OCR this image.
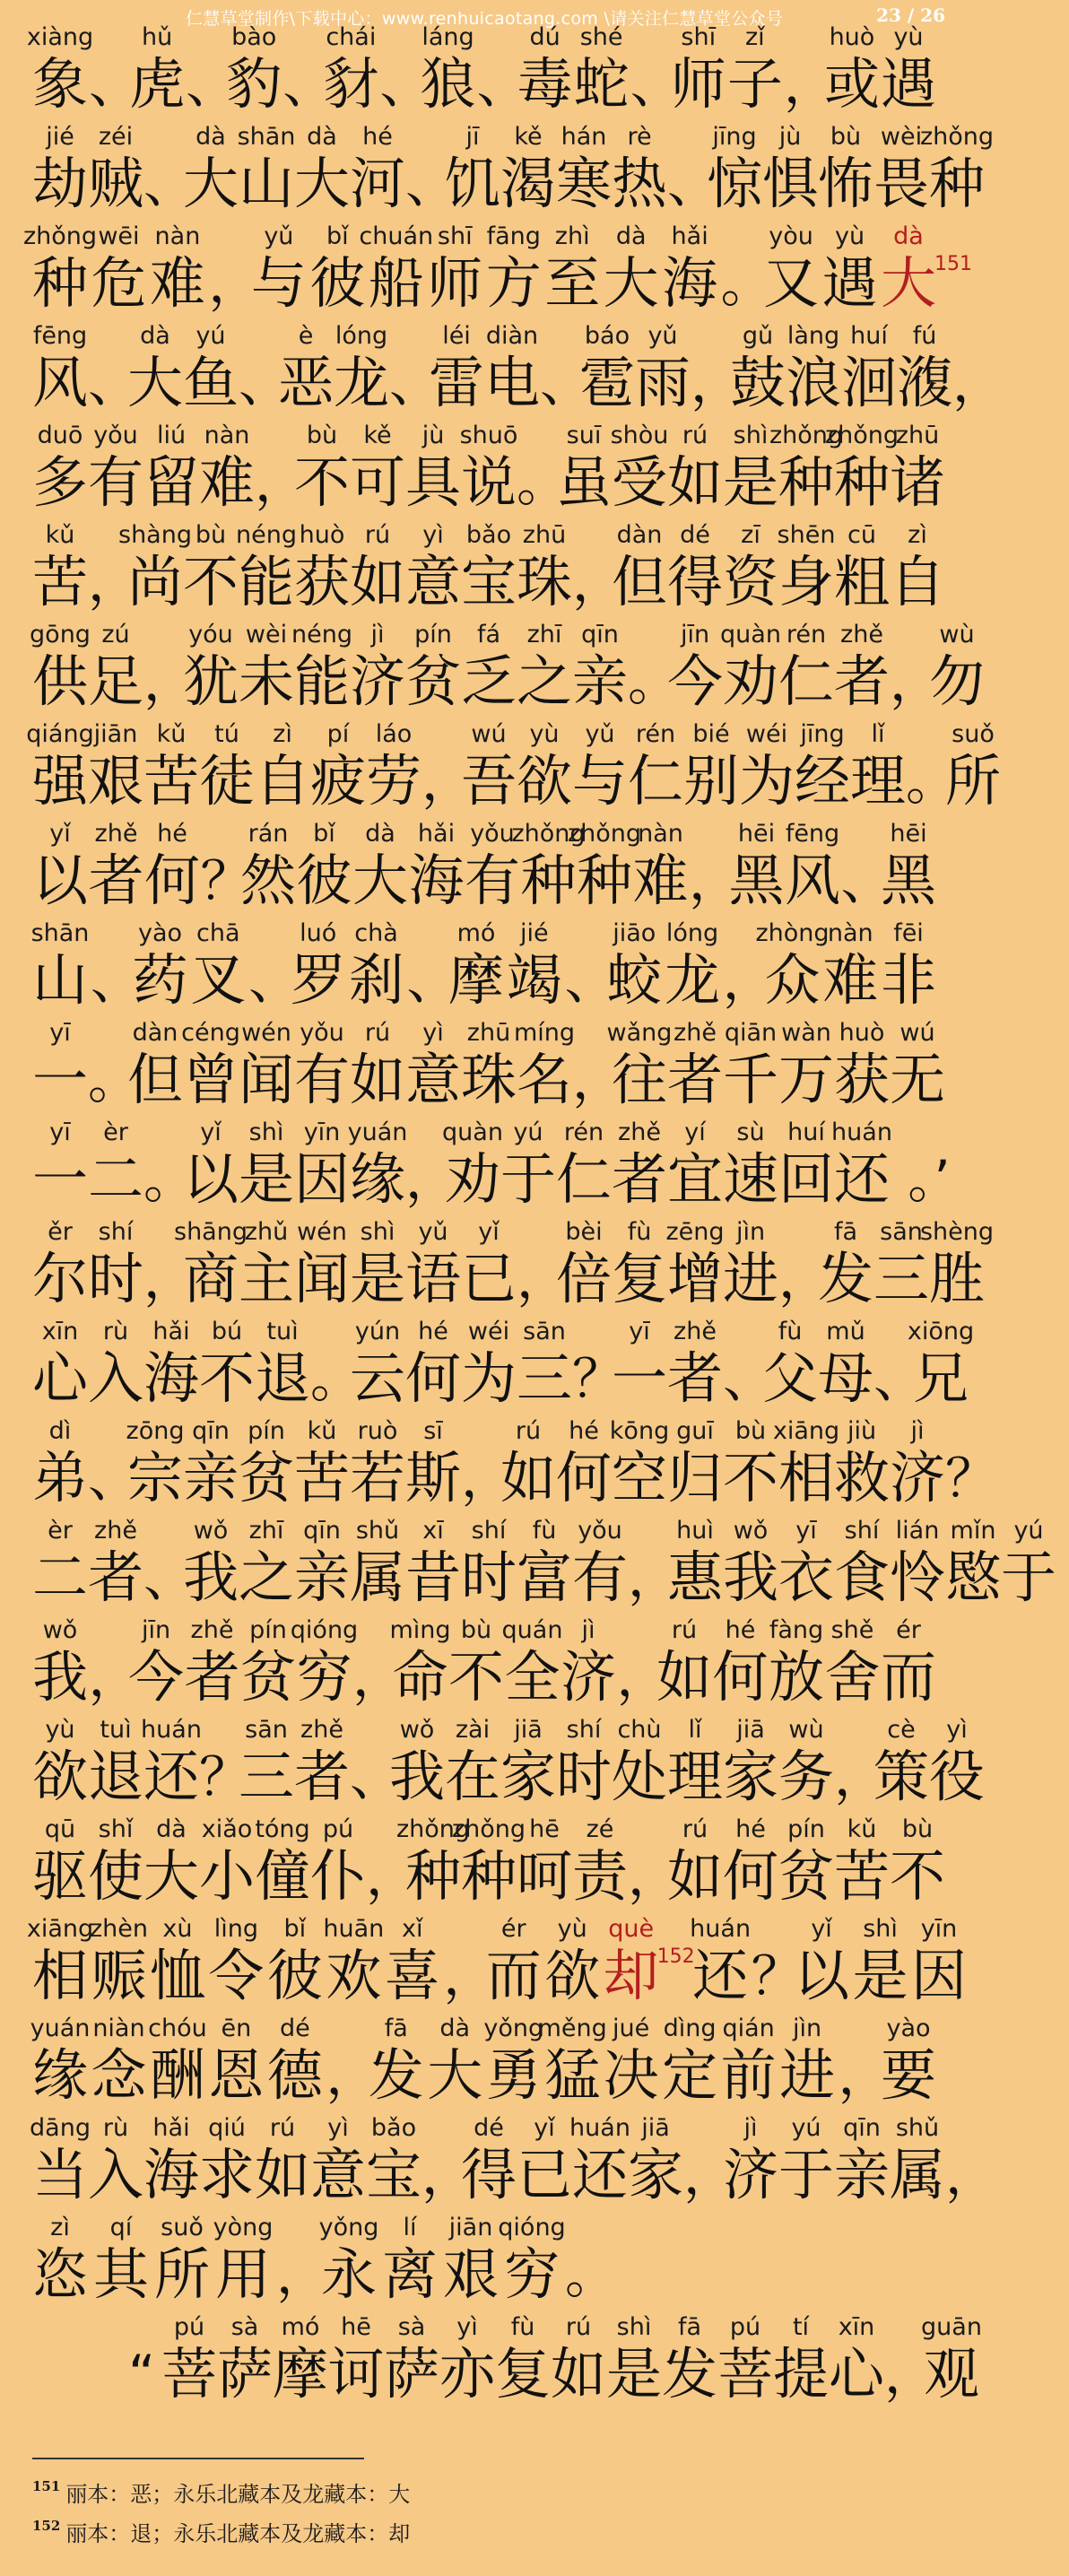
仁慧草堂制作\下载中心：www.renhuicaotang.com \请关注仁慧草堂公众号	23 / 26
象
xiàng
、
虎
hǔ
、
豹
bào
、
豺
chái
、
狼
láng
、
毒
dú
蛇
shé
、
师
shī
子
zǐ
，
或
huò
遇
yù
劫
jié
贼
zéi
、
大
dà
山
shān
大
dà
河
hé
、
饥
jī
渴
kě
寒
hán
热
rè
、
惊
jīng
惧
jù
怖
bù
畏
wèi
种
zhǒng
种
zhǒng
危
wēi
难
nàn
，
与
yǔ
彼
bǐ
船
chuán
师
shī
方
fāng
至
zhì
大
dà
海
hǎi
。
又
yòu
遇
yù
大
dà
151
风
fēng
、
大
dà
鱼
yú
、
恶
è
龙
lóng
、
雷
léi
电
diàn
、
雹
báo
雨
yǔ
，
鼓
gǔ
浪
làng
洄
huí
澓
fú
，
多
duō
有
yǒu
留
liú
难
nàn
，
不
bù
可
kě
具
jù
说
shuō
。
虽
suī
受
shòu
如
rú
是
shì
种
zhǒng
种
zhǒng
诸
zhū
苦
kǔ
，
尚
shàng
不
bù
能
néng
获
huò
如
rú
意
yì
宝
bǎo
珠
zhū
，
但
dàn
得
dé
资
zī
身
shēn
粗
cū
自
zì
供
gōng
足
zú
，
犹
yóu
未
wèi
能
néng
济
jì
贫
pín
乏
fá
之
zhī
亲
qīn
。
今
jīn
劝
quàn
仁
rén
者
zhě
，
勿
wù
强
qiáng
艰
jiān
苦
kǔ
徒
tú
自
zì
疲
pí
劳
láo
，
吾
wú
欲
yù
与
yǔ
仁
rén
别
bié
为
wéi
经
jīng
理
lǐ
。
所
suǒ
以
yǐ
者
zhě
何
hé
？
然
rán
彼
bǐ
大
dà
海
hǎi
有
yǒu
种
zhǒng
种
zhǒng
难
nàn
，
黑
hēi
风
fēng
、
黑
hēi
山
shān
、
药
yào
叉
chā
、
罗
luó
刹
chà
、
摩
mó
竭
jié
、
蛟
jiāo
龙
lóng
，
众
zhòng
难
nàn
非
fēi
一
yī
。
但
dàn
曾
céng
闻
wén
有
yǒu
如
rú
意
yì
珠
zhū
名
míng
，
往
wǎng
者
zhě
千
qiān
万
wàn
获
huò
无
wú
一
yī
二
èr
。
以
yǐ
是
shì
因
yīn
缘
yuán
，
劝
quàn
于
yú
仁
rén
者
zhě
宜
yí
速
sù
回
huí
还
huán
。’
尔
ěr
时
shí
，
商
shāng
主
zhǔ
闻
wén
是
shì
语
yǔ
已
yǐ
，
倍
bèi
复
fù
增
zēng
进
jìn
，
发
fā
三
sān
胜
shèng
心
xīn
入
rù
海
hǎi
不
bú
退
tuì
。
云
yún
何
hé
为
wéi
三
sān
？
一
yī
者
zhě
、
父
fù
母
mǔ
、
兄
xiōng
弟
dì
、
宗
zōng
亲
qīn
贫
pín
苦
kǔ
若
ruò
斯
sī
，
如
rú
何
hé
空
kōng
归
guī
不
bù
相
xiāng
救
jiù
济
jì
？
二
èr
者
zhě
、
我
wǒ
之
zhī
亲
qīn
属
shǔ
昔
xī
时
shí
富
fù
有
yǒu
，
惠
huì
我
wǒ
衣
yī
食
shí
怜
lián
愍
mǐn
于
yú
我
wǒ
，
今
jīn
者
zhě
贫
pín
穷
qióng
，
命
mìng
不
bù
全
quán
济
jì
，
如
rú
何
hé
放
fàng
舍
shě
而
ér
欲
yù
退
tuì
还
huán
？
三
sān
者
zhě
、
我
wǒ
在
zài
家
jiā
时
shí
处
chù
理
lǐ
家
jiā
务
wù
，
策
cè
役
yì
驱
qū
使
shǐ
大
dà
小
xiǎo
僮
tóng
仆
pú
，
种
zhǒng
种
zhǒng
呵
hē
责
zé
，
如
rú
何
hé
贫
pín
苦
kǔ
不
bù
相
xiāng
赈
zhèn
恤
xù
令
lìng
彼
bǐ
欢
huān
喜
xǐ
，
而
ér
欲
yù
却
què
152
还
huán
？
以
yǐ
是
shì
因
yīn
缘
yuán
念
niàn
酬
chóu
恩
ēn
德
dé
，
发
fā
大
dà
勇
yǒng
猛
měng
决
jué
定
dìng
前
qián
进
jìn
，
要
yào
当
dāng
入
rù
海
hǎi
求
qiú
如
rú
意
yì
宝
bǎo
，
得
dé
已
yǐ
还
huán
家
jiā
，
济
jì
于
yú
亲
qīn
属
shǔ
，
恣
zì
其
qí
所
suǒ
用
yòng
，
永
yǒng
离
lí
艰
jiān
穷
qióng
。
“ 菩
pú
萨
sà
摩
mó
诃
hē
萨
sà
亦
yì
复
fù
如
rú
是
shì
发
fā
菩
pú
提
tí
心
xīn
，
观
guān
$^{151}$ 丽本：恶；永乐北藏本及龙藏本：大
$^{152}$ 丽本：退；永乐北藏本及龙藏本：却
